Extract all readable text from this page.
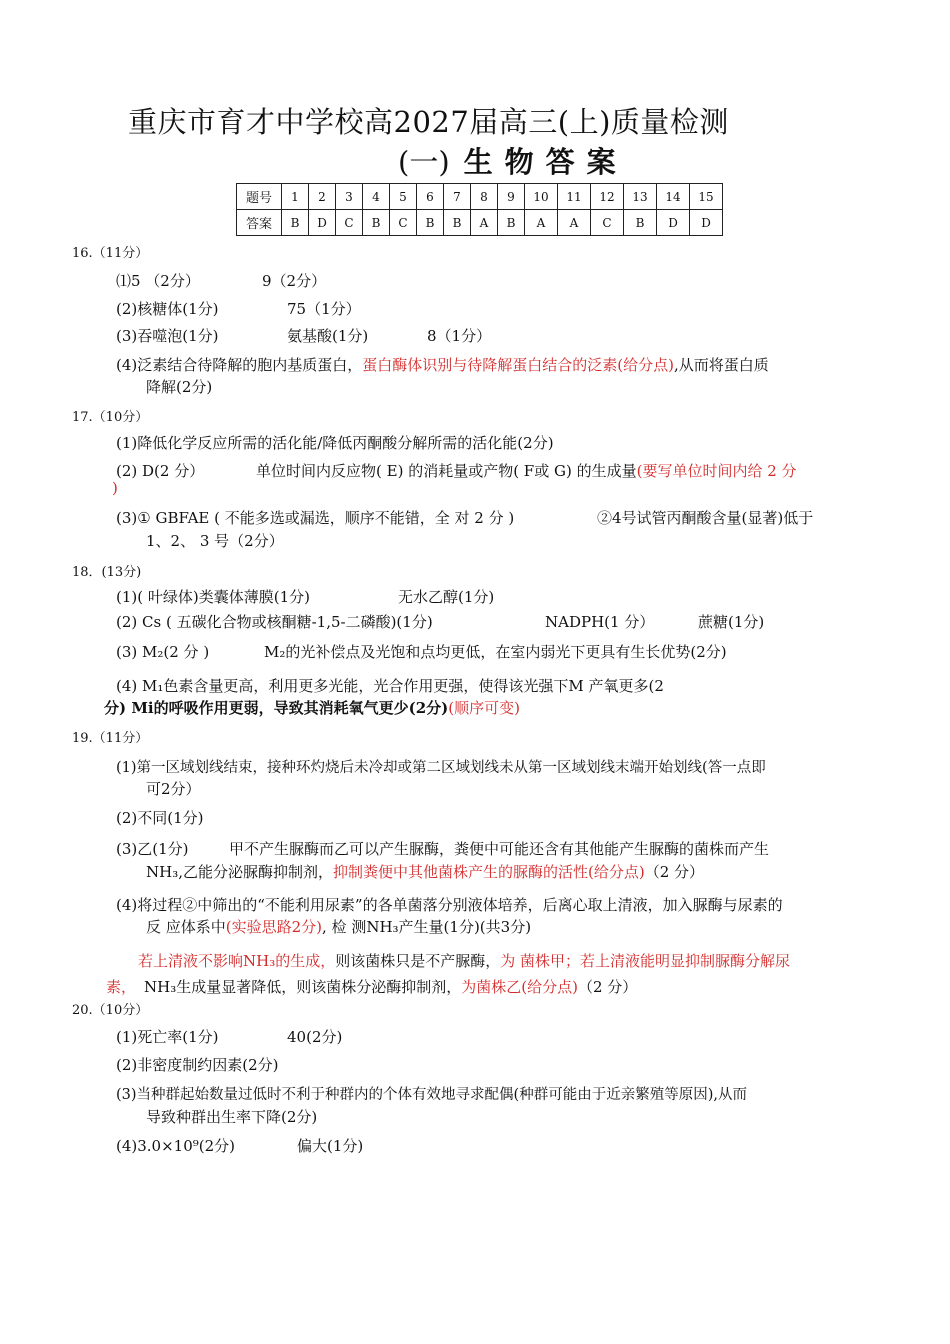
重庆市育才中学校高2027届高三(上)质量检测
(一) 生物答案
题号	1	2	3	4	5	6	7	8	9	10	11	12	13	14	15
答案	B	D	C	B	C	B	B	A	B	A	A	C	B	D	D
16.（11分）
⑴5 （2分）	9（2分）
(2)核糖体(1分)	75（1分）
(3)吞噬泡(1分)	氨基酸(1分)	8（1分）
(4)泛素结合待降解的胞内基质蛋白，蛋白酶体识别与待降解蛋白结合的泛素(给分点),从而将蛋白质
降解(2分)
17.（10分）
(1)降低化学反应所需的活化能/降低丙酮酸分解所需的活化能(2分)
(2) D(2 分）	单位时间内反应物( E) 的消耗量或产物( F或 G) 的生成量(要写单位时间内给 2 分
)
(3)① GBFAE ( 不能多选或漏选，顺序不能错，全 对 2 分 )	②4号试管丙酮酸含量(显著)低于
1、2、 3 号（2分）
18．(13分)
(1)( 叶绿体)类囊体薄膜(1分)	无水乙醇(1分)
(2) Cs ( 五碳化合物或核酮糖-1,5-二磷酸)(1分)	NADPH(1 分）	蔗糖(1分)
(3) M₂(2 分 )	M₂的光补偿点及光饱和点均更低，在室内弱光下更具有生长优势(2分)
(4) M₁色素含量更高，利用更多光能，光合作用更强，使得该光强下M 产氧更多(2
分) Mi的呼吸作用更弱，导致其消耗氧气更少(2分)(顺序可变)
19.（11分）
(1)第一区域划线结束，接种环灼烧后未冷却或第二区域划线未从第一区域划线末端开始划线(答一点即
可2分）
(2)不同(1分)
(3)乙(1分)	甲不产生脲酶而乙可以产生脲酶，粪便中可能还含有其他能产生脲酶的菌株而产生
NH₃,乙能分泌脲酶抑制剂，抑制粪便中其他菌株产生的脲酶的活性(给分点)（2 分）
(4)将过程②中筛出的“不能利用尿素”的各单菌落分别液体培养，后离心取上清液，加入脲酶与尿素的
反 应体系中(实验思路2分), 检 测NH₃产生量(1分)(共3分)
若上清液不影响NH₃的生成，则该菌株只是不产脲酶，为 菌株甲；若上清液能明显抑制脲酶分解尿
素， NH₃生成量显著降低，则该菌株分泌酶抑制剂，为菌株乙(给分点)（2 分）
20.（10分）
(1)死亡率(1分)	40(2分)
(2)非密度制约因素(2分)
(3)当种群起始数量过低时不利于种群内的个体有效地寻求配偶(种群可能由于近亲繁殖等原因),从而
导致种群出生率下降(2分)
(4)3.0×10⁹(2分)	偏大(1分)
